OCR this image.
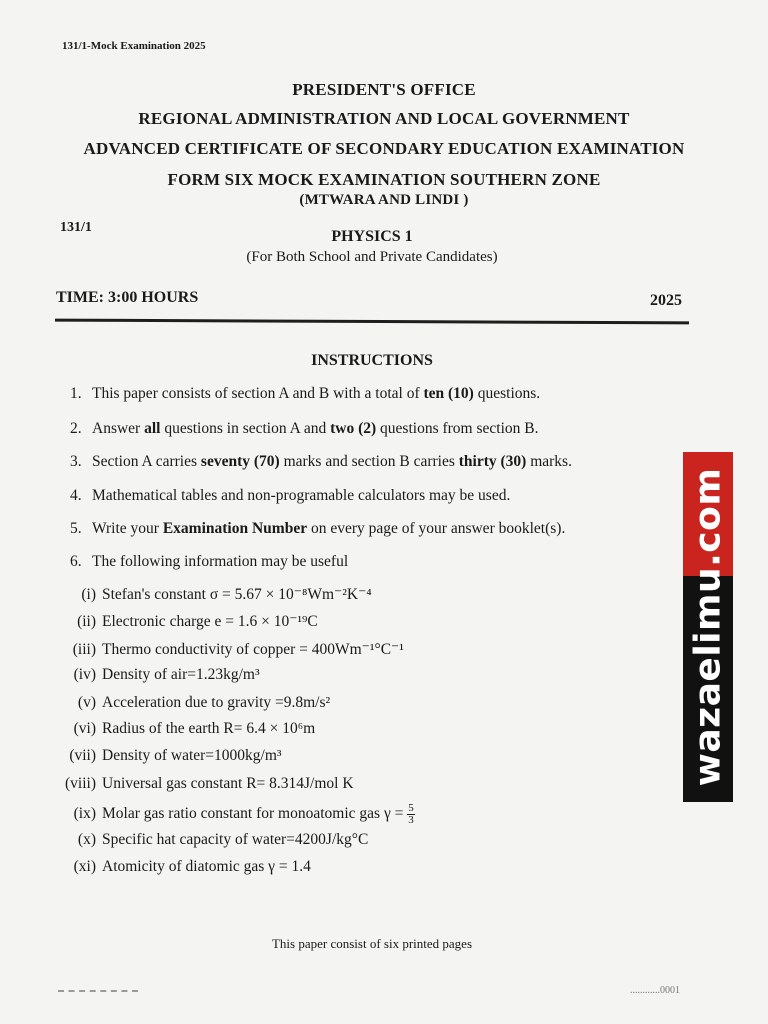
131/1-Mock Examination 2025
PRESIDENT'S OFFICE
REGIONAL ADMINISTRATION AND LOCAL GOVERNMENT
ADVANCED CERTIFICATE OF SECONDARY EDUCATION EXAMINATION
FORM SIX MOCK EXAMINATION SOUTHERN ZONE
(MTWARA AND LINDI )
131/1
PHYSICS 1
(For Both School and Private Candidates)
TIME: 3:00 HOURS	2025
INSTRUCTIONS
1. This paper consists of section A and B with a total of ten (10) questions.
2. Answer all questions in section A and two (2) questions from section B.
3. Section A carries seventy (70) marks and section B carries thirty (30) marks.
4. Mathematical tables and non-programable calculators may be used.
5. Write your Examination Number on every page of your answer booklet(s).
6. The following information may be useful
(i) Stefan's constant σ = 5.67 × 10⁻⁸Wm⁻²K⁻⁴
(ii) Electronic charge e = 1.6 × 10⁻¹⁹C
(iii) Thermo conductivity of copper = 400Wm⁻¹°C⁻¹
(iv) Density of air=1.23kg/m³
(v) Acceleration due to gravity =9.8m/s²
(vi) Radius of the earth R= 6.4 × 10⁶m
(vii) Density of water=1000kg/m³
(viii) Universal gas constant R= 8.314J/mol K
(ix) Molar gas ratio constant for monoatomic gas $\gamma = \frac{5}{3}$
(x) Specific hat capacity of water=4200J/kg°C
(xi) Atomicity of diatomic gas γ = 1.4
wazaelimu.com
This paper consist of six printed pages
............0001
